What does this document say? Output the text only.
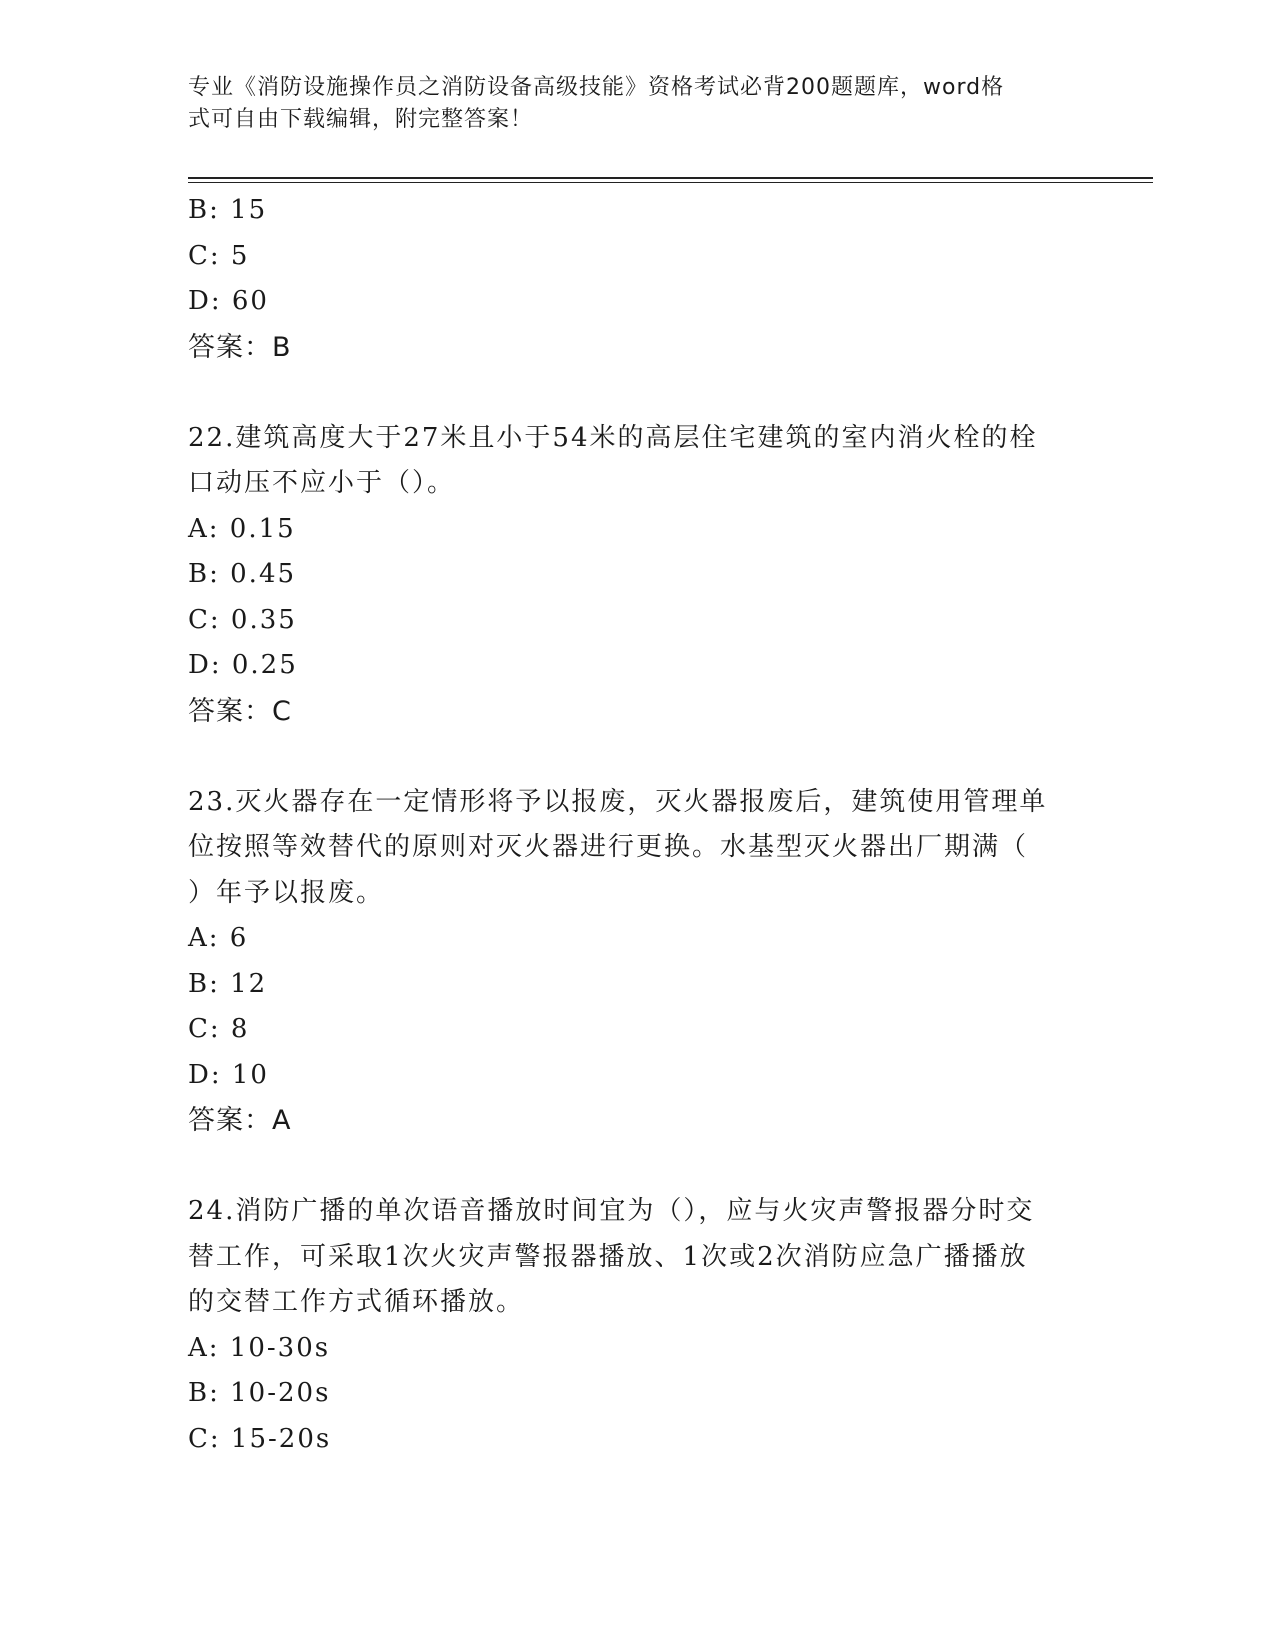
专业《消防设施操作员之消防设备高级技能》资格考试必背200题题库，word格
式可自由下载编辑，附完整答案！
B: 15
C: 5
D: 60
答案：B
22.建筑高度大于27米且小于54米的高层住宅建筑的室内消火栓的栓
口动压不应小于（）。
A: 0.15
B: 0.45
C: 0.35
D: 0.25
答案：C
23.灭火器存在一定情形将予以报废，灭火器报废后，建筑使用管理单
位按照等效替代的原则对灭火器进行更换。水基型灭火器出厂期满（
）年予以报废。
A: 6
B: 12
C: 8
D: 10
答案：A
24.消防广播的单次语音播放时间宜为（），应与火灾声警报器分时交
替工作，可采取1次火灾声警报器播放、1次或2次消防应急广播播放
的交替工作方式循环播放。
A: 10-30s
B: 10-20s
C: 15-20s
